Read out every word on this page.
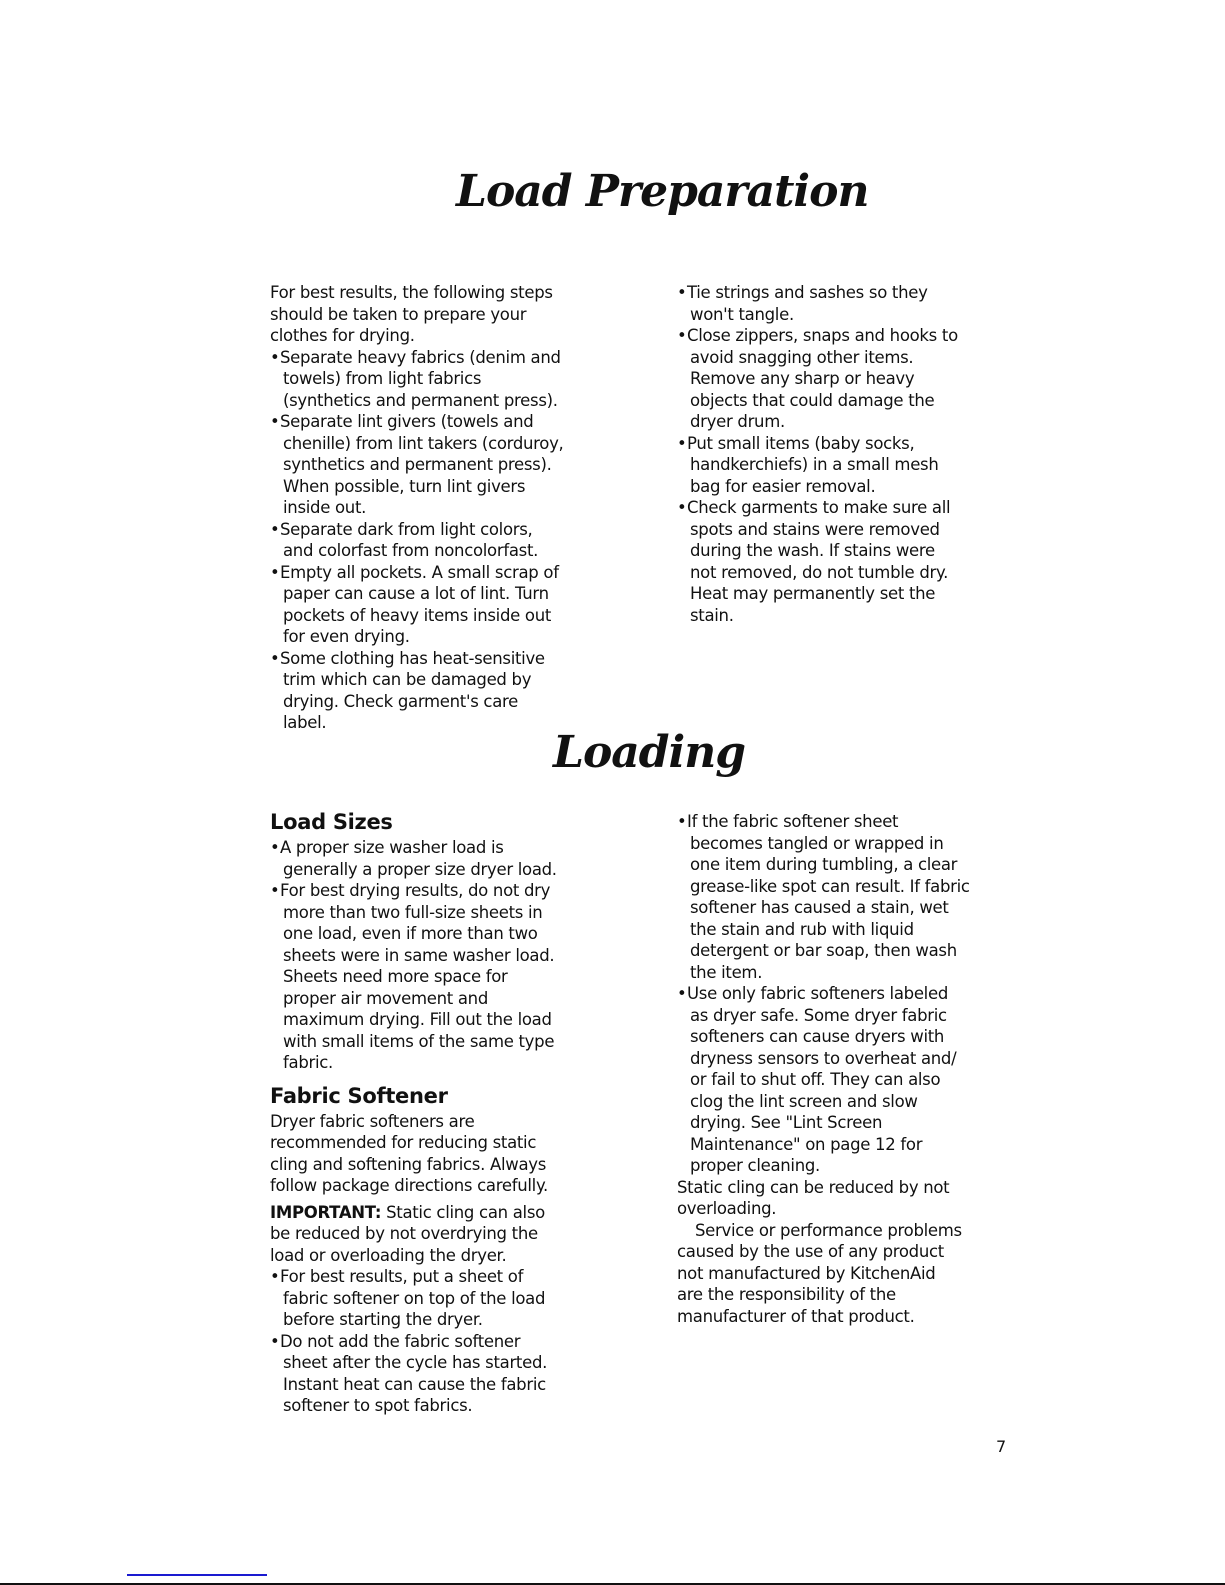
Load Preparation
For best results, the following steps
should be taken to prepare your
clothes for drying.
• Separate heavy fabrics (denim and
towels) from light fabrics
(synthetics and permanent press).
• Separate lint givers (towels and
chenille) from lint takers (corduroy,
synthetics and permanent press).
When possible, turn lint givers
inside out.
• Separate dark from light colors,
and colorfast from noncolorfast.
• Empty all pockets. A small scrap of
paper can cause a lot of lint. Turn
pockets of heavy items inside out
for even drying.
• Some clothing has heat-sensitive
trim which can be damaged by
drying. Check garment's care
label.
• Tie strings and sashes so they
won't tangle.
• Close zippers, snaps and hooks to
avoid snagging other items.
Remove any sharp or heavy
objects that could damage the
dryer drum.
• Put small items (baby socks,
handkerchiefs) in a small mesh
bag for easier removal.
• Check garments to make sure all
spots and stains were removed
during the wash. If stains were
not removed, do not tumble dry.
Heat may permanently set the
stain.
Loading
Load Sizes
• A proper size washer load is
generally a proper size dryer load.
• For best drying results, do not dry
more than two full-size sheets in
one load, even if more than two
sheets were in same washer load.
Sheets need more space for
proper air movement and
maximum drying. Fill out the load
with small items of the same type
fabric.
Fabric Softener
Dryer fabric softeners are
recommended for reducing static
cling and softening fabrics. Always
follow package directions carefully.
IMPORTANT: Static cling can also
be reduced by not overdrying the
load or overloading the dryer.
• For best results, put a sheet of
fabric softener on top of the load
before starting the dryer.
• Do not add the fabric softener
sheet after the cycle has started.
Instant heat can cause the fabric
softener to spot fabrics.
• If the fabric softener sheet
becomes tangled or wrapped in
one item during tumbling, a clear
grease-like spot can result. If fabric
softener has caused a stain, wet
the stain and rub with liquid
detergent or bar soap, then wash
the item.
• Use only fabric softeners labeled
as dryer safe. Some dryer fabric
softeners can cause dryers with
dryness sensors to overheat and/
or fail to shut off. They can also
clog the lint screen and slow
drying. See "Lint Screen
Maintenance" on page 12 for
proper cleaning.
Static cling can be reduced by not
overloading.
Service or performance problems
caused by the use of any product
not manufactured by KitchenAid
are the responsibility of the
manufacturer of that product.
7
